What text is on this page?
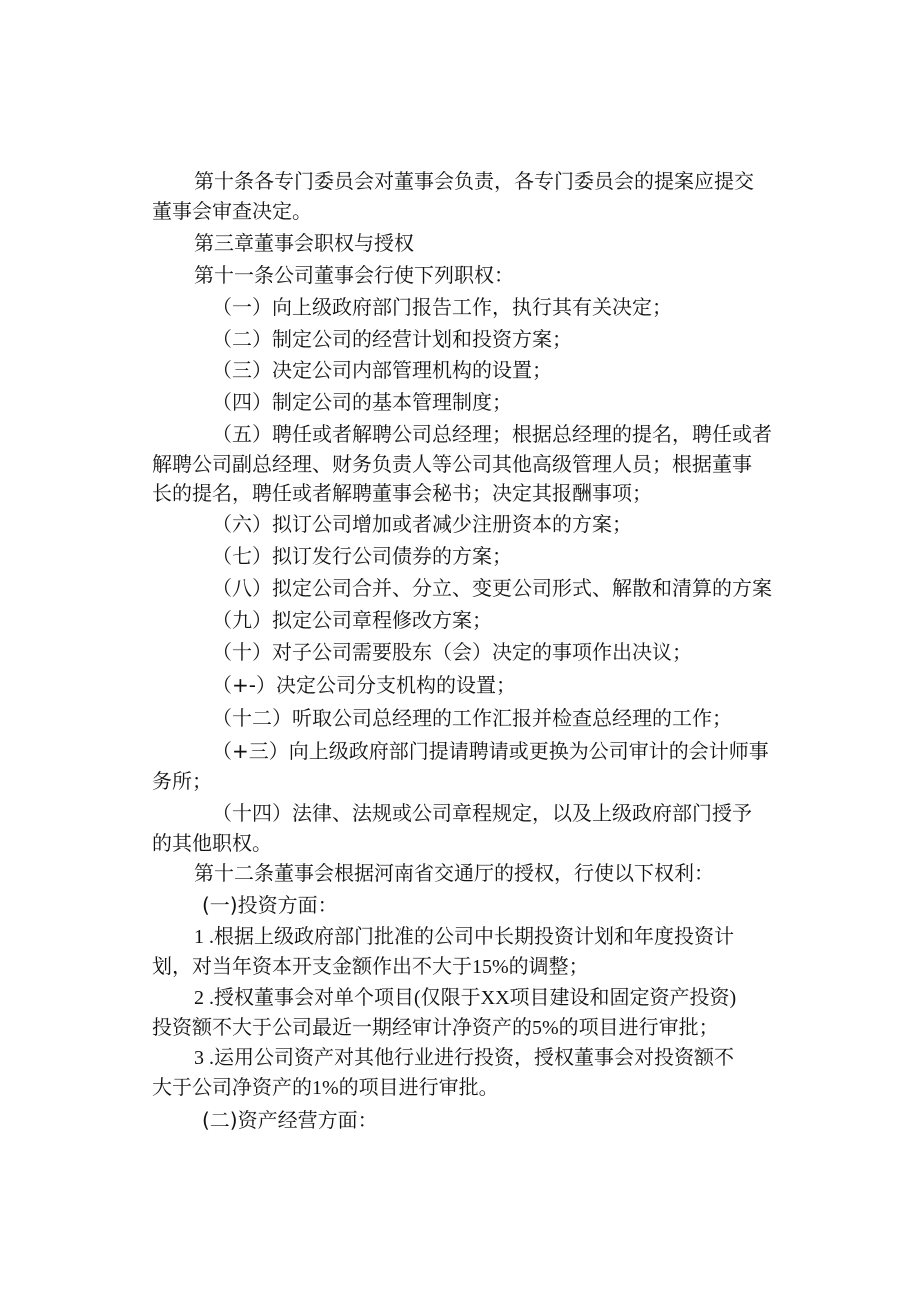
第十条各专门委员会对董事会负责，各专门委员会的提案应提交
董事会审查决定。
第三章董事会职权与授权
第十一条公司董事会行使下列职权：
（一）向上级政府部门报告工作，执行其有关决定；
（二）制定公司的经营计划和投资方案；
（三）决定公司内部管理机构的设置；
（四）制定公司的基本管理制度；
（五）聘任或者解聘公司总经理；根据总经理的提名，聘任或者
解聘公司副总经理、财务负责人等公司其他高级管理人员；根据董事
长的提名，聘任或者解聘董事会秘书；决定其报酬事项；
（六）拟订公司增加或者减少注册资本的方案；
（七）拟订发行公司债券的方案；
（八）拟定公司合并、分立、变更公司形式、解散和清算的方案
（九）拟定公司章程修改方案；
（十）对子公司需要股东（会）决定的事项作出决议；
（+-）决定公司分支机构的设置；
（十二）听取公司总经理的工作汇报并检查总经理的工作；
（+三）向上级政府部门提请聘请或更换为公司审计的会计师事
务所；
（十四）法律、法规或公司章程规定，以及上级政府部门授予
的其他职权。
第十二条董事会根据河南省交通厅的授权，行使以下权利：
(一)投资方面：
1 .根据上级政府部门批准的公司中长期投资计划和年度投资计
划，对当年资本开支金额作出不大于15%的调整；
2 .授权董事会对单个项目(仅限于XX项目建设和固定资产投资)
投资额不大于公司最近一期经审计净资产的5%的项目进行审批；
3 .运用公司资产对其他行业进行投资，授权董事会对投资额不
大于公司净资产的1%的项目进行审批。
(二)资产经营方面：
